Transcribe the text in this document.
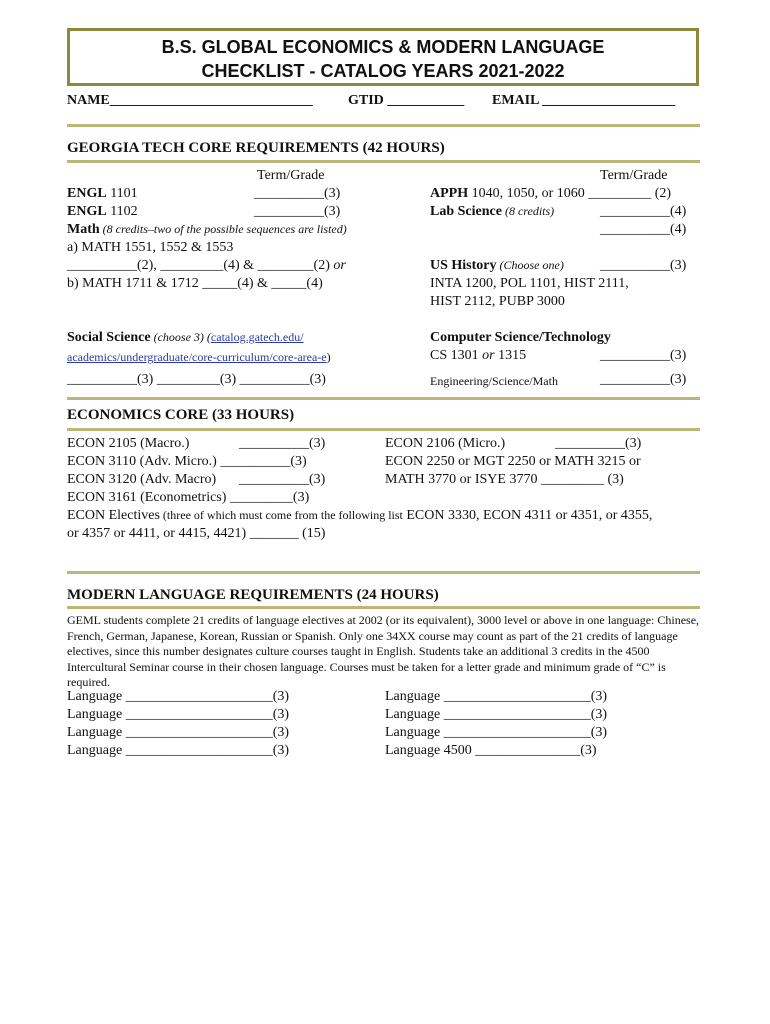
B.S. GLOBAL ECONOMICS & MODERN LANGUAGE
CHECKLIST - CATALOG YEARS 2021-2022
NAME_____________________________	GTID ___________ EMAIL ___________________
GEORGIA TECH CORE REQUIREMENTS (42 HOURS)
Term/Grade	Term/Grade
ENGL 1101	__________(3)
ENGL 1102	__________(3)
Math (8 credits–two of the possible sequences are listed)
a) MATH 1551, 1552 & 1553
__________(2), _________(4) & ________(2) or
b) MATH 1711 & 1712 _____(4) & _____(4)
APPH 1040, 1050, or 1060 _________ (2)
Lab Science (8 credits)	__________(4)
__________(4)
US History (Choose one)	__________(3)
INTA 1200, POL 1101, HIST 2111,
HIST 2112, PUBP 3000
Social Science (choose 3) (catalog.gatech.edu/
academics/undergraduate/core-curriculum/core-area-e)
__________(3) _________(3) __________(3)
Computer Science/Technology
CS 1301 or 1315	__________(3)
Engineering/Science/Math	__________(3)
ECONOMICS CORE (33 HOURS)
ECON 2105 (Macro.)	__________(3)	ECON 2106 (Micro.)	__________(3)
ECON 3110 (Adv. Micro.) __________(3)	ECON 2250 or MGT 2250 or MATH 3215 or
ECON 3120 (Adv. Macro) __________(3)	MATH 3770 or ISYE 3770 _________ (3)
ECON 3161 (Econometrics) _________(3)
ECON Electives (three of which must come from the following list ECON 3330, ECON 4311 or 4351, or 4355,
or 4357 or 4411, or 4415, 4421) _______ (15)
MODERN LANGUAGE REQUIREMENTS (24 HOURS)
GEML students complete 21 credits of language electives at 2002 (or its equivalent), 3000 level or above in one language: Chinese, French, German, Japanese, Korean, Russian or Spanish. Only one 34XX course may count as part of the 21 credits of language electives, since this number designates culture courses taught in English. Students take an additional 3 credits in the 4500 Intercultural Seminar course in their chosen language. Courses must be taken for a letter grade and minimum grade of “C” is required.
Language _____________________(3)
Language _____________________(3)
Language _____________________(3)
Language _____________________(3)
Language _____________________(3)
Language _____________________(3)
Language _____________________(3)
Language 4500 _______________(3)
